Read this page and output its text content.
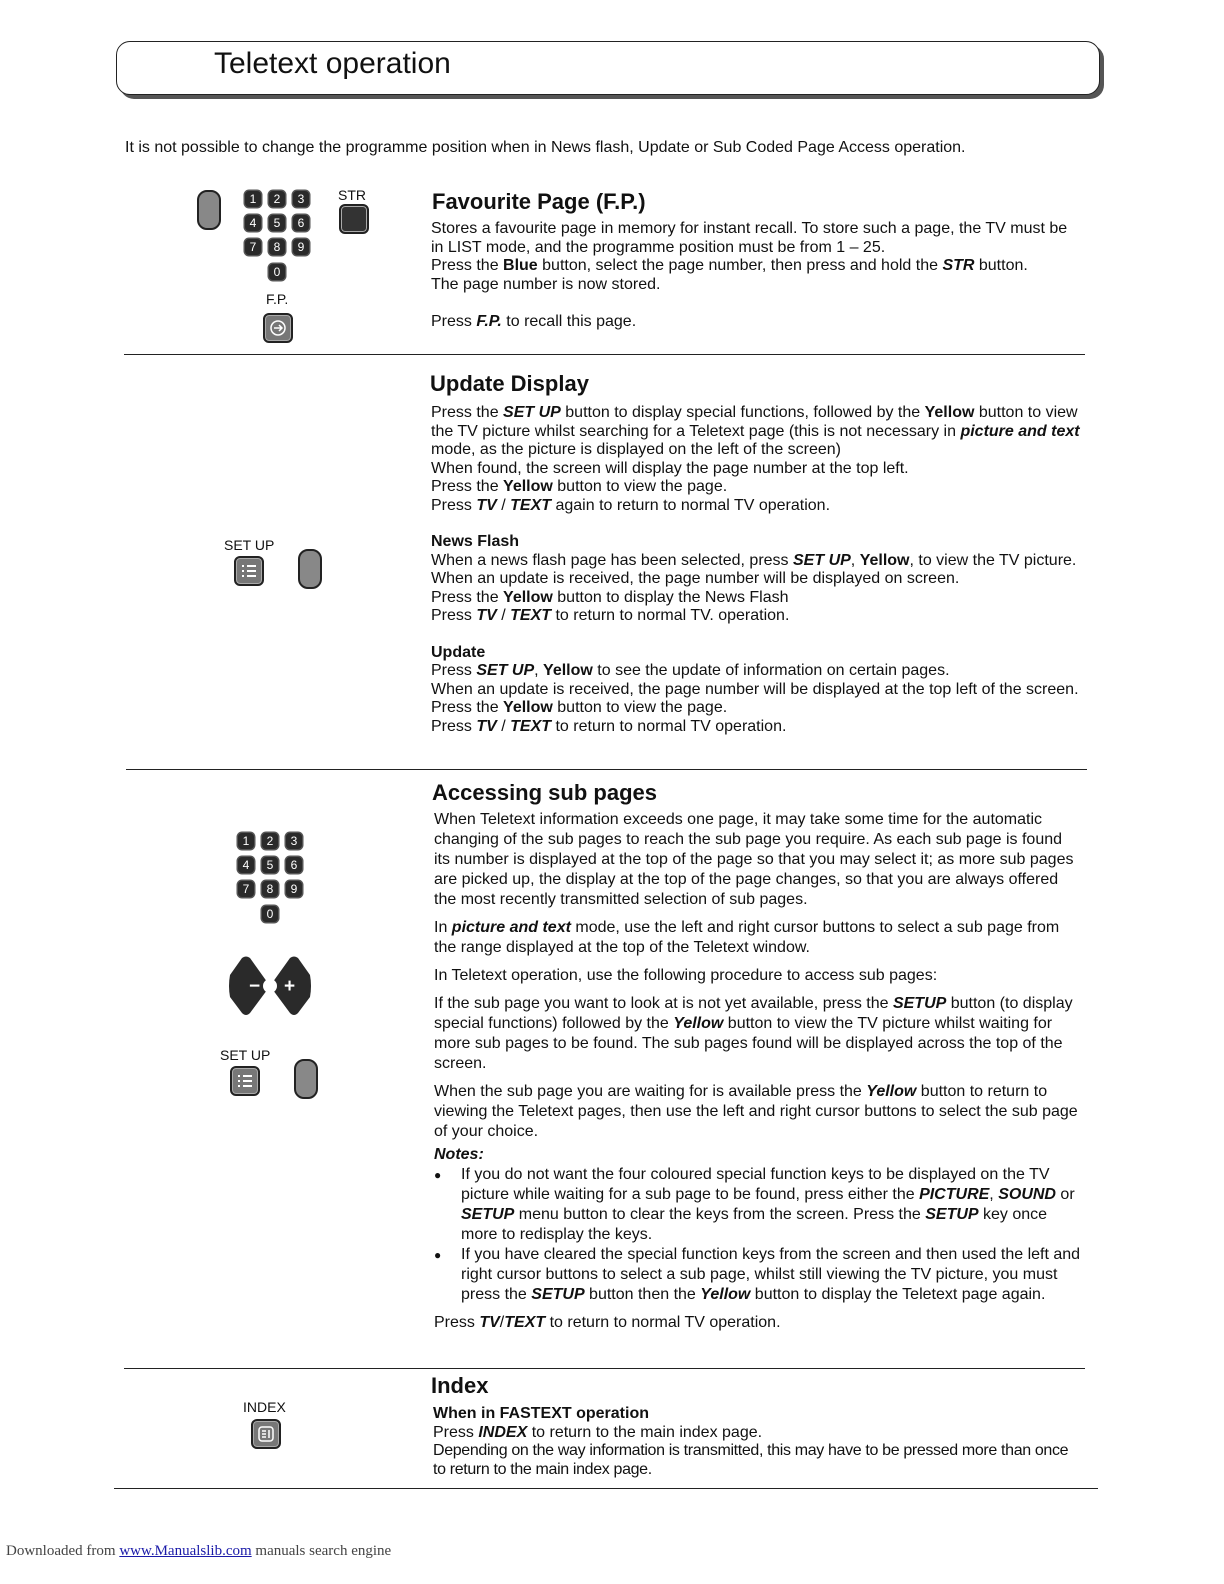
Teletext operation
It is not possible to change the programme position when in News flash, Update or Sub Coded Page Access operation.
1	2	3
4	5	6
7	8	9
0
STR
F.P.
Favourite Page (F.P.)

Stores a favourite page in memory for instant recall. To store such a page, the TV must be in LIST mode, and the programme position must be from 1 – 25.

Press the Blue button, select the page number, then press and hold the STR button.

The page number is now stored.

Press F.P. to recall this page.

SET UP
Update Display

Press the SET UP button to display special functions, followed by the Yellow button to view the TV picture whilst searching for a Teletext page (this is not necessary in picture and text mode, as the picture is displayed on the left of the screen)

When found, the screen will display the page number at the top left.

Press the Yellow button to view the page.

Press TV / TEXT again to return to normal TV operation.

News Flash

When a news flash page has been selected, press SET UP, Yellow, to view the TV picture. When an update is received, the page number will be displayed on screen.

Press the Yellow button to display the News Flash

Press TV / TEXT to return to normal TV. operation.

Update

Press SET UP, Yellow to see the update of information on certain pages.

When an update is received, the page number will be displayed at the top left of the screen.

Press the Yellow button to view the page.

Press TV / TEXT to return to normal TV operation.

1	2	3
4	5	6
7	8	9
0
− +
SET UP
Accessing sub pages

When Teletext information exceeds one page, it may take some time for the automatic changing of the sub pages to reach the sub page you require. As each sub page is found its number is displayed at the top of the page so that you may select it; as more sub pages are picked up, the display at the top of the page changes, so that you are always offered the most recently transmitted selection of sub pages.

In picture and text mode, use the left and right cursor buttons to select a sub page from the range displayed at the top of the Teletext window.

In Teletext operation, use the following procedure to access sub pages:

If the sub page you want to look at is not yet available, press the SETUP button (to display special functions) followed by the Yellow button to view the TV picture whilst waiting for more sub pages to be found. The sub pages found will be displayed across the top of the screen.

When the sub page you are waiting for is available press the Yellow button to return to viewing the Teletext pages, then use the left and right cursor buttons to select the sub page of your choice.

Notes:

● If you do not want the four coloured special function keys to be displayed on the TV picture while waiting for a sub page to be found, press either the PICTURE, SOUND or SETUP menu button to clear the keys from the screen. Press the SETUP key once more to redisplay the keys.
● If you have cleared the special function keys from the screen and then used the left and right cursor buttons to select a sub page, whilst still viewing the TV picture, you must press the SETUP button then the Yellow button to display the Teletext page again.

Press TV/TEXT to return to normal TV operation.

INDEX
Index

When in FASTEXT operation

Press INDEX to return to the main index page.

Depending on the way information is transmitted, this may have to be pressed more than once to return to the main index page.

Downloaded from www.Manualslib.com manuals search engine
